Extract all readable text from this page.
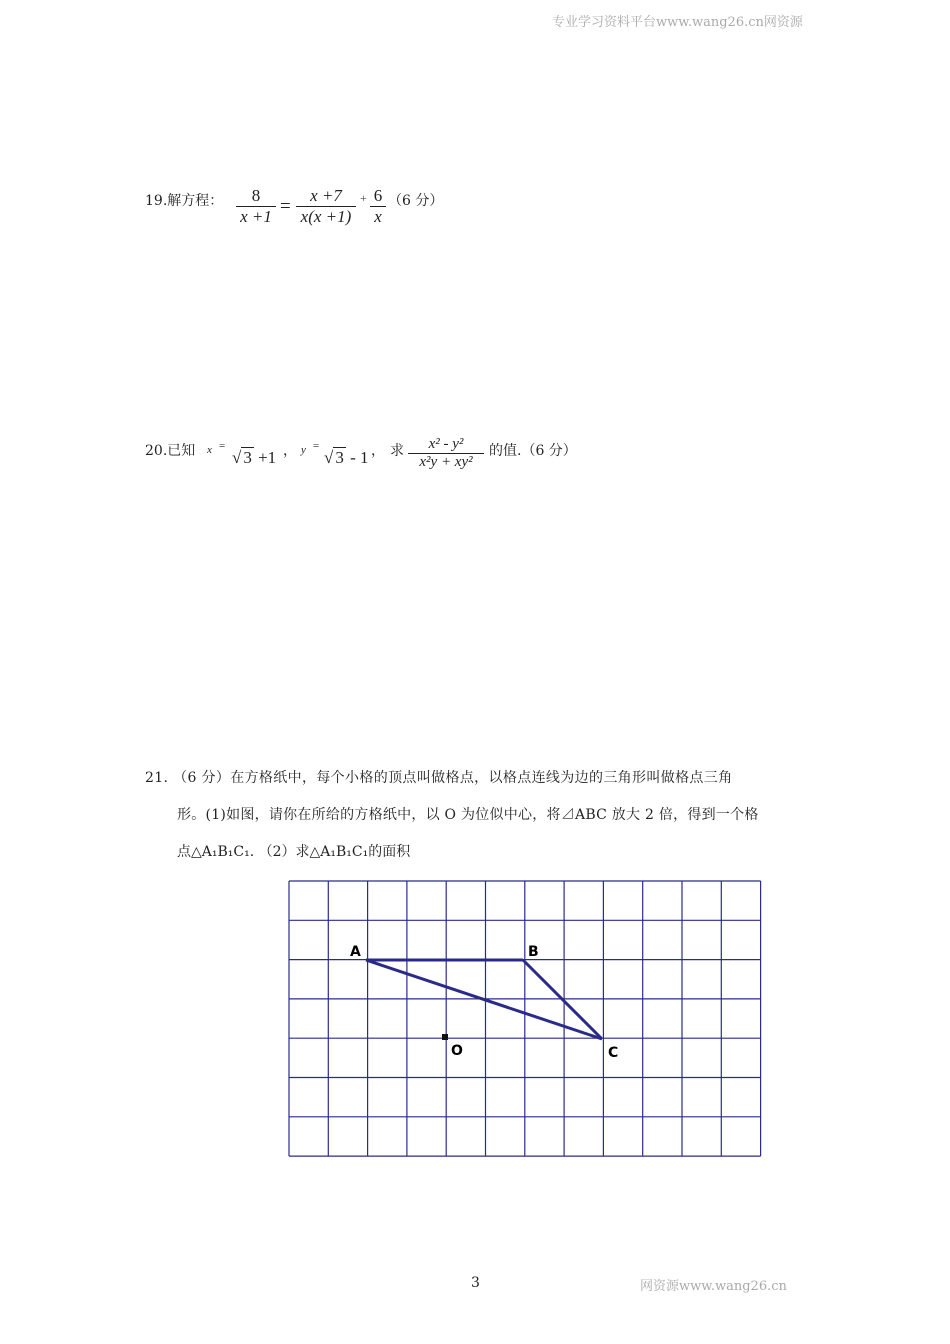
专业学习资料平台www.wang26.cn网资源
19.解方程：	8
x +1 =
x +7
x(x +1)
+ 6
x
（6 分）
20.已知 x =
√ 3 +1 ， y =
√ 3 - 1 ， 求	x² - y²
x²y + xy²
的值.（6 分）
21. （6 分）在方格纸中，每个小格的顶点叫做格点，以格点连线为边的三角形叫做格点三角
形。(1)如图，请你在所给的方格纸中，以 O 为位似中心，将⊿ABC 放大 2 倍，得到一个格
点△A₁B₁C₁. （2）求△A₁B₁C₁的面积
A	B
C
O
3	网资源www.wang26.cn
